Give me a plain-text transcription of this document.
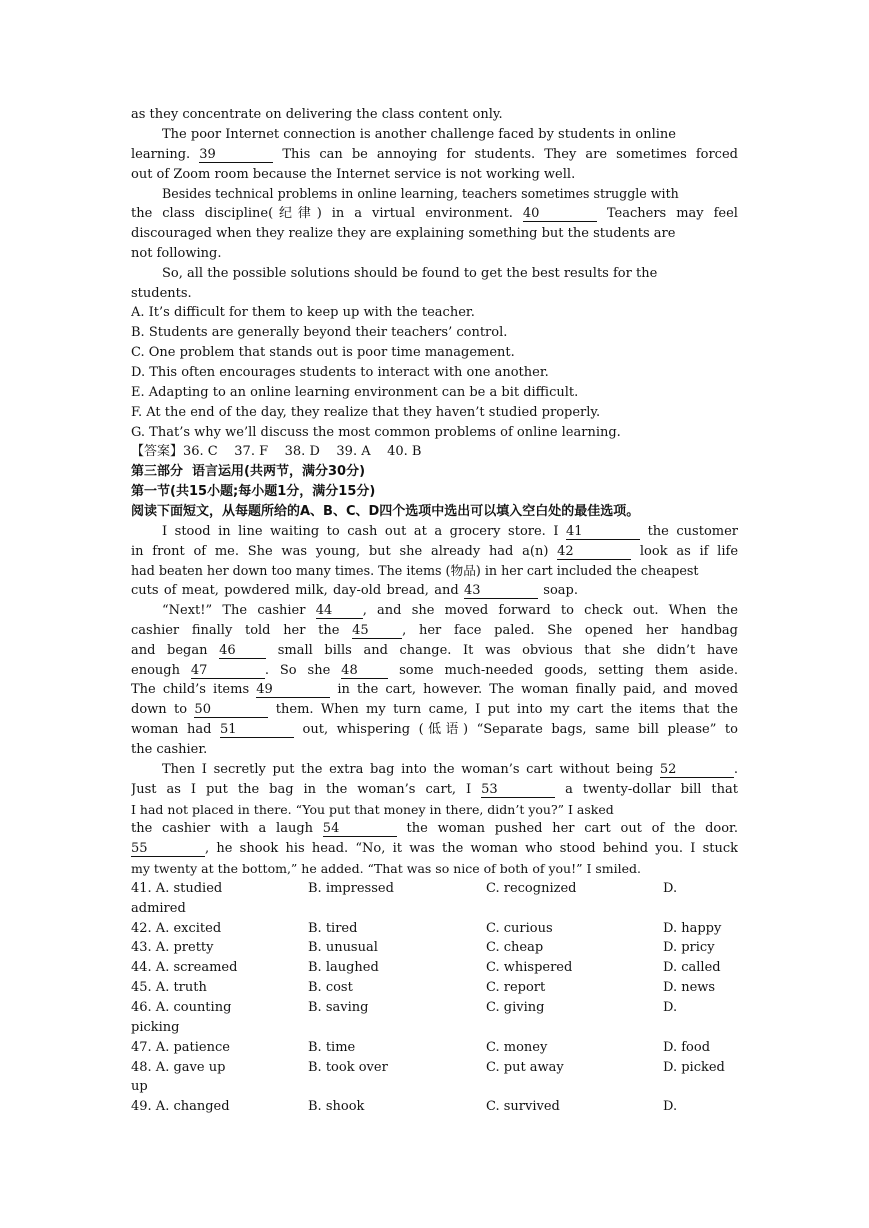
as they concentrate on delivering the class content only.
The poor Internet connection is another challenge faced by students in online
learning. 39	This can be annoying for students. They are sometimes forced
out of Zoom room because the Internet service is not working well.
Besides technical problems in online learning, teachers sometimes struggle with
the class discipline(纪律) in a virtual environment. 40	Teachers may feel
discouraged when they realize they are explaining something but the students are
not following.
So, all the possible solutions should be found to get the best results for the
students.
A. It’s difficult for them to keep up with the teacher.
B. Students are generally beyond their teachers’ control.
C. One problem that stands out is poor time management.
D. This often encourages students to interact with one another.
E. Adapting to an online learning environment can be a bit difficult.
F. At the end of the day, they realize that they haven’t studied properly.
G. That’s why we’ll discuss the most common problems of online learning.
【答案】36. C    37. F    38. D    39. A    40. B
第三部分  语言运用(共两节，满分30分)
第一节(共15小题;每小题1分，满分15分)
阅读下面短文，从每题所给的A、B、C、D四个选项中选出可以填入空白处的最佳选项。
I stood in line waiting to cash out at a grocery store. I 41	the customer
in front of me. She was young, but she already had a(n) 42	look as if life
had beaten her down too many times. The items (物品) in her cart included the cheapest
cuts of meat, powdered milk, day-old bread, and 43	soap.
“Next!” The cashier 44 , and she moved forward to check out. When the
cashier finally told her the 45	, her face paled. She opened her handbag
and began 46	small bills and change. It was obvious that she didn’t have
enough 47	. So she 48	some much-needed goods, setting them aside.
The child’s items 49	in the cart, however. The woman finally paid, and moved
down to 50	them. When my turn came, I put into my cart the items that the
woman had 51	out, whispering (低语) “Separate bags, same bill please” to
the cashier.
Then I secretly put the extra bag into the woman’s cart without being 52	.
Just as I put the bag in the woman’s cart, I 53	a twenty-dollar bill that
I had not placed in there. “You put that money in there, didn’t you?” I asked
the cashier with a laugh 54	the woman pushed her cart out of the door.
55	, he shook his head. “No, it was the woman who stood behind you. I stuck
my twenty at the bottom,” he added. “That was so nice of both of you!” I smiled.
41. A. studied	B. impressed	C. recognized	D.
admired
42. A. excited	B. tired	C. curious	D. happy
43. A. pretty	B. unusual	C. cheap	D. pricy
44. A. screamed	B. laughed	C. whispered	D. called
45. A. truth	B. cost	C. report	D. news
46. A. counting	B. saving	C. giving	D.
picking
47. A. patience	B. time	C. money	D. food
48. A. gave up	B. took over	C. put away	D. picked
up
49. A. changed	B. shook	C. survived	D.
